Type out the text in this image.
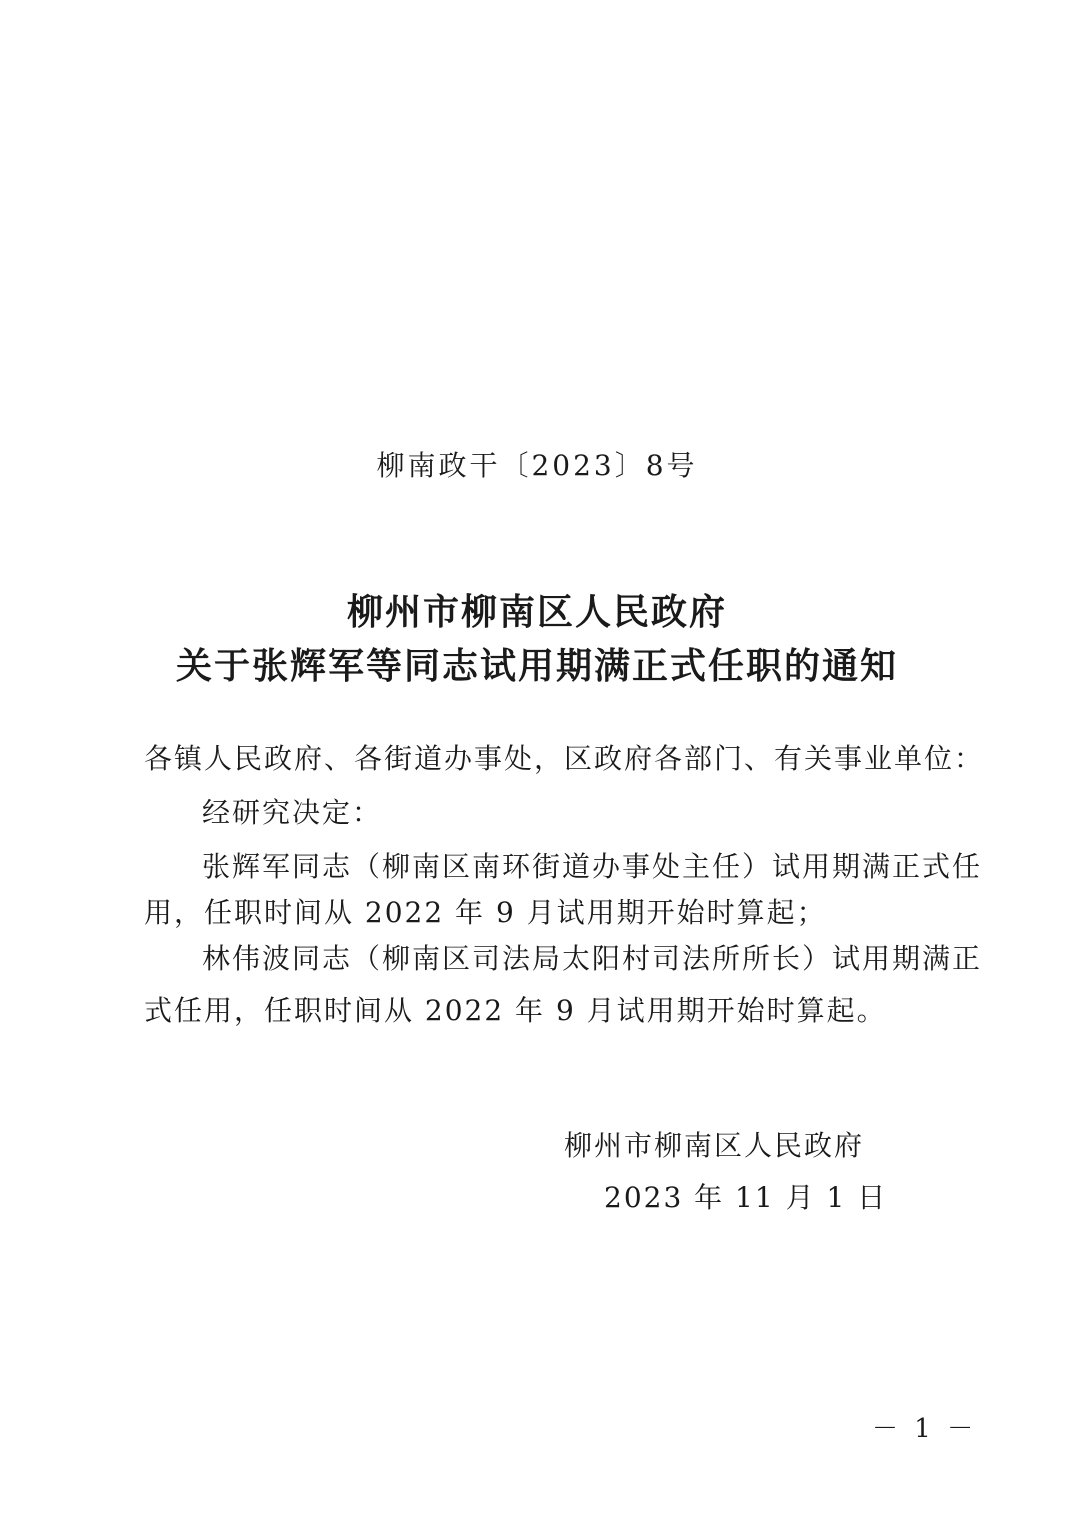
柳南政干〔2023〕8号
柳州市柳南区人民政府
关于张辉军等同志试用期满正式任职的通知
各镇人民政府、各街道办事处，区政府各部门、有关事业单位：
经研究决定：
张辉军同志（柳南区南环街道办事处主任）试用期满正式任
用，任职时间从 2022 年 9 月试用期开始时算起；
林伟波同志（柳南区司法局太阳村司法所所长）试用期满正
式任用，任职时间从 2022 年 9 月试用期开始时算起。
柳州市柳南区人民政府
2023 年 11 月 1 日
－ 1 －
